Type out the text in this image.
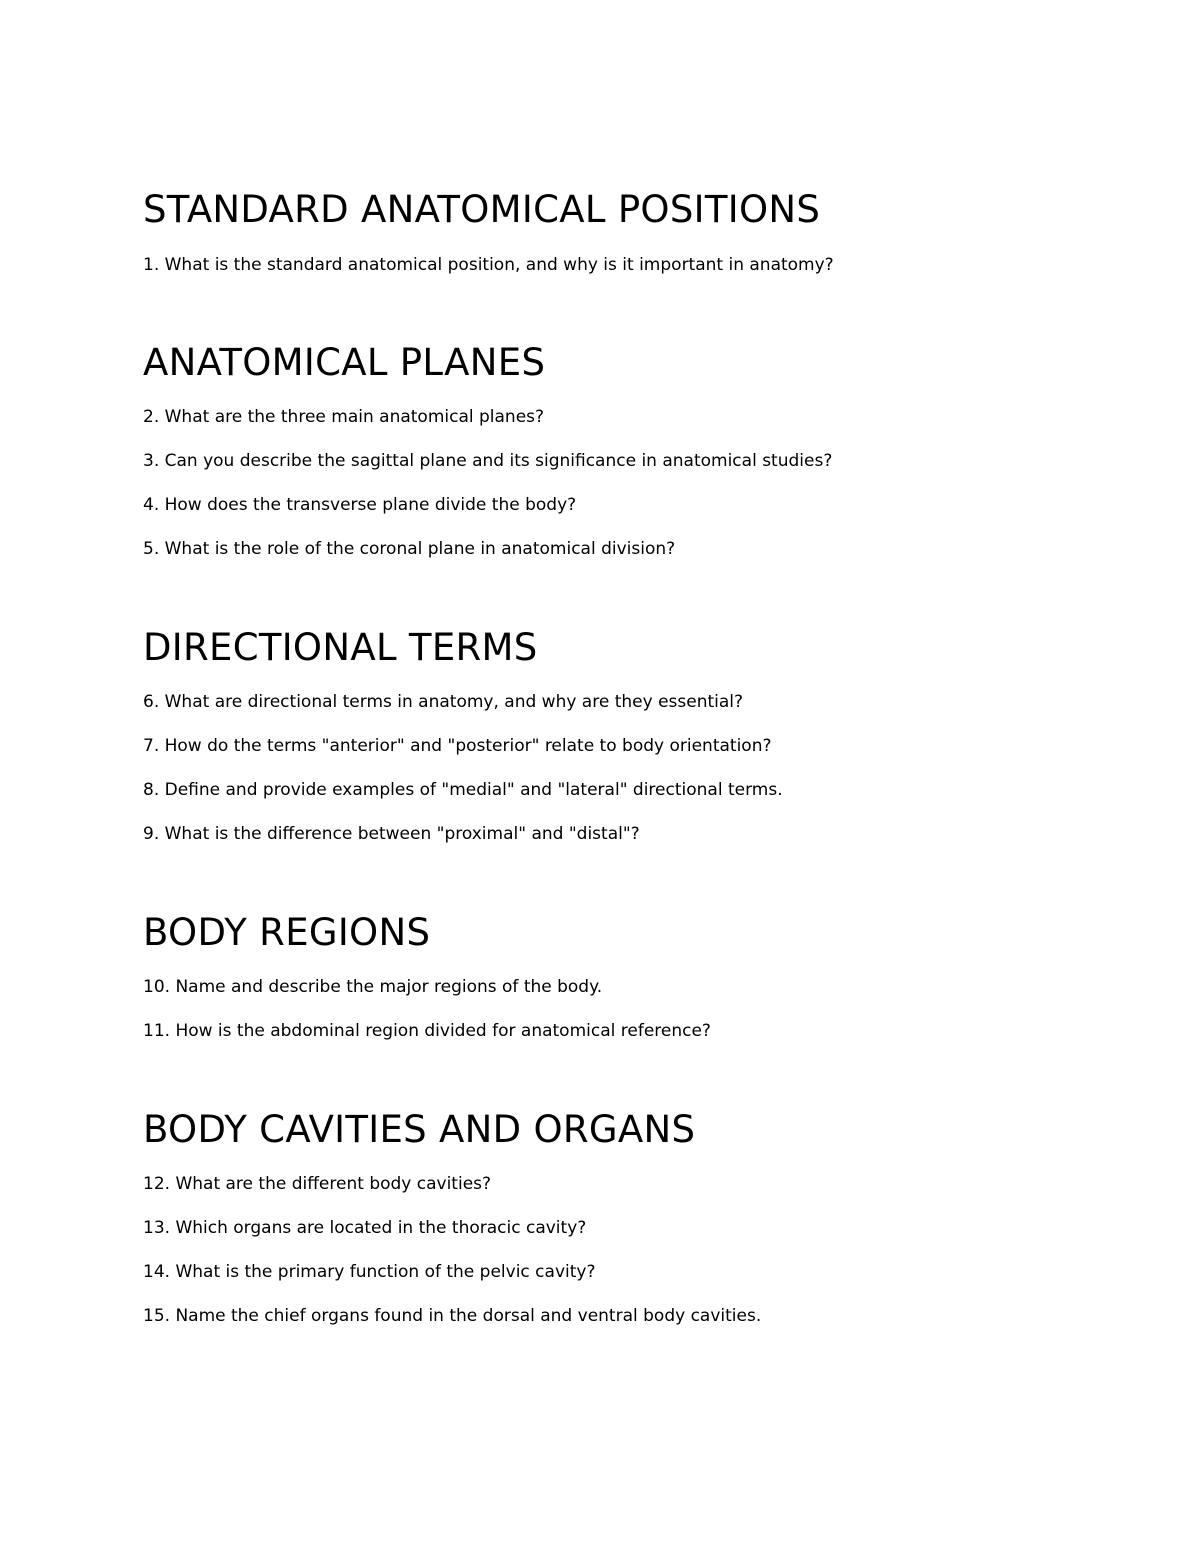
STANDARD ANATOMICAL POSITIONS

1. What is the standard anatomical position, and why is it important in anatomy?

ANATOMICAL PLANES

2. What are the three main anatomical planes?

3. Can you describe the sagittal plane and its significance in anatomical studies?

4. How does the transverse plane divide the body?

5. What is the role of the coronal plane in anatomical division?

DIRECTIONAL TERMS

6. What are directional terms in anatomy, and why are they essential?

7. How do the terms "anterior" and "posterior" relate to body orientation?

8. Define and provide examples of "medial" and "lateral" directional terms.

9. What is the difference between "proximal" and "distal"?

BODY REGIONS

10. Name and describe the major regions of the body.

11. How is the abdominal region divided for anatomical reference?

BODY CAVITIES AND ORGANS

12. What are the different body cavities?

13. Which organs are located in the thoracic cavity?

14. What is the primary function of the pelvic cavity?

15. Name the chief organs found in the dorsal and ventral body cavities.
